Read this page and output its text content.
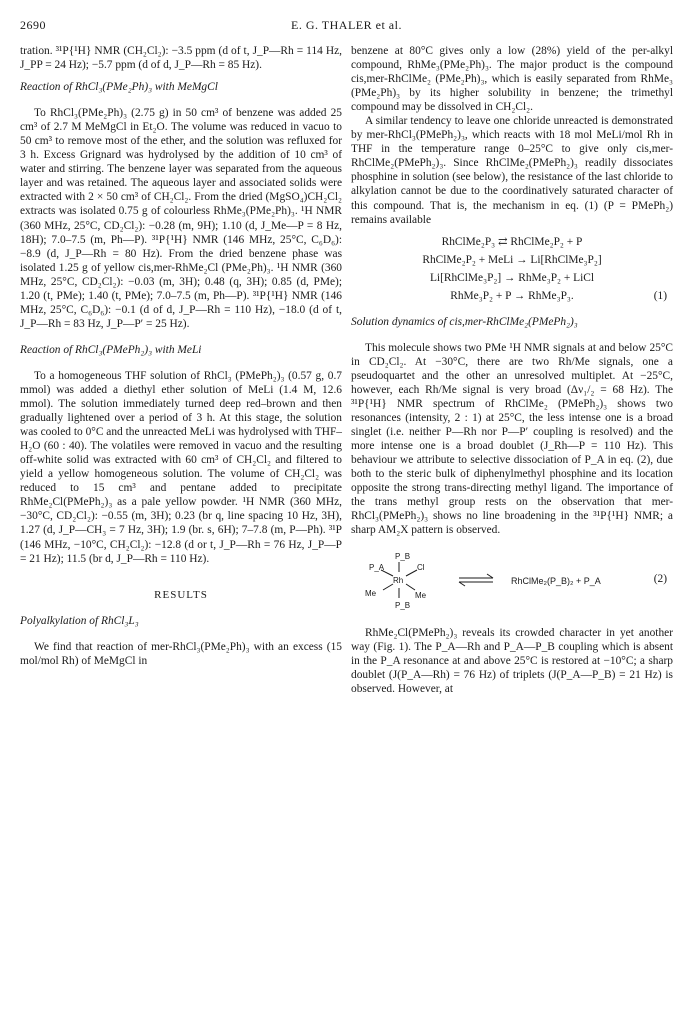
2690	E. G. THALER et al.

tration. ³¹P{¹H} NMR (CH₂Cl₂): −3.5 ppm (d of t, J_P—Rh = 114 Hz, J_PP = 24 Hz); −5.7 ppm (d of d, J_P—Rh = 85 Hz).

Reaction of RhCl₃(PMe₂Ph)₃ with MeMgCl

To RhCl₃(PMe₂Ph)₃ (2.75 g) in 50 cm³ of benzene was added 25 cm³ of 2.7 M MeMgCl in Et₂O. The volume was reduced in vacuo to 50 cm³ to remove most of the ether, and the solution was refluxed for 3 h. Excess Grignard was hydrolysed by the addition of 10 cm³ of water and stirring. The benzene layer was separated from the aqueous layer and was retained. The aqueous layer and associated solids were extracted with 2 × 50 cm³ of CH₂Cl₂. From the dried (MgSO₄)CH₂Cl₂ extracts was isolated 0.75 g of colourless RhMe₃(PMe₂Ph)₃. ¹H NMR (360 MHz, 25°C, CD₂Cl₂): −0.28 (m, 9H); 1.10 (d, J_Me—P = 8 Hz, 18H); 7.0–7.5 (m, Ph—P). ³¹P{¹H} NMR (146 MHz, 25°C, C₆D₆): −8.9 (d, J_P—Rh = 80 Hz). From the dried benzene phase was isolated 1.25 g of yellow cis,mer-RhMe₂Cl (PMe₂Ph)₃. ¹H NMR (360 MHz, 25°C, CD₂Cl₂): −0.03 (m, 3H); 0.48 (q, 3H); 0.85 (d, PMe); 1.20 (t, PMe); 1.40 (t, PMe); 7.0–7.5 (m, Ph—P). ³¹P{¹H} NMR (146 MHz, 25°C, C₆D₆): −0.1 (d of d, J_P—Rh = 110 Hz), −18.0 (d of t, J_P—Rh = 83 Hz, J_P—P′ = 25 Hz).

Reaction of RhCl₃(PMePh₂)₃ with MeLi

To a homogeneous THF solution of RhCl₃ (PMePh₂)₃ (0.57 g, 0.7 mmol) was added a diethyl ether solution of MeLi (1.4 M, 12.6 mmol). The solution immediately turned deep red–brown and then gradually lightened over a period of 3 h. At this stage, the solution was cooled to 0°C and the unreacted MeLi was hydrolysed with THF–H₂O (60 : 40). The volatiles were removed in vacuo and the resulting off-white solid was extracted with 60 cm³ of CH₂Cl₂ and filtered to yield a yellow homogeneous solution. The volume of CH₂Cl₂ was reduced to 15 cm³ and pentane added to precipitate RhMe₂Cl(PMePh₂)₃ as a pale yellow powder. ¹H NMR (360 MHz, −30°C, CD₂Cl₂): −0.55 (m, 3H); 0.23 (br q, line spacing 10 Hz, 3H), 1.27 (d, J_P—CH₃ = 7 Hz, 3H); 1.9 (br. s, 6H); 7–7.8 (m, P—Ph). ³¹P (146 MHz, −10°C, CH₂Cl₂): −12.8 (d or t, J_P—Rh = 76 Hz, J_P—P = 21 Hz); 11.5 (br d, J_P—Rh = 110 Hz).

RESULTS

Polyalkylation of RhCl₃L₃

We find that reaction of mer-RhCl₃(PMe₂Ph)₃ with an excess (15 mol/mol Rh) of MeMgCl in

benzene at 80°C gives only a low (28%) yield of the per-alkyl compound, RhMe₃(PMe₂Ph)₃. The major product is the compound cis,mer-RhClMe₂ (PMe₂Ph)₃, which is easily separated from RhMe₃ (PMe₂Ph)₃ by its higher solubility in benzene; the trimethyl compound may be dissolved in CH₂Cl₂.

A similar tendency to leave one chloride unreacted is demonstrated by mer-RhCl₃(PMePh₂)₃, which reacts with 18 mol MeLi/mol Rh in THF in the temperature range 0–25°C to give only cis,mer-RhClMe₂(PMePh₂)₃. Since RhClMe₂(PMePh₂)₃ readily dissociates phosphine in solution (see below), the resistance of the last chloride to alkylation cannot be due to the coordinatively saturated character of this compound. That is, the mechanism in eq. (1) (P = PMePh₂) remains available

RhClMe₂P₃ ⇄ RhClMe₂P₂ + P
RhClMe₂P₂ + MeLi → Li[RhClMe₃P₂]
Li[RhClMe₃P₂] → RhMe₃P₂ + LiCl
RhMe₃P₂ + P → RhMe₃P₃.	(1)

Solution dynamics of cis,mer-RhClMe₂(PMePh₂)₃

This molecule shows two PMe ¹H NMR signals at and below 25°C in CD₂Cl₂. At −30°C, there are two Rh/Me signals, one a pseudoquartet and the other an unresolved multiplet. At −25°C, however, each Rh/Me signal is very broad (Δν₁/₂ = 68 Hz). The ³¹P{¹H} NMR spectrum of RhClMe₂ (PMePh₂)₃ shows two resonances (intensity, 2 : 1) at 25°C, the less intense one is a broad singlet (i.e. neither P—Rh nor P—P′ coupling is resolved) and the more intense one is a broad doublet (J_Rh—P = 110 Hz). This behaviour we attribute to selective dissociation of P_A in eq. (2), due both to the steric bulk of diphenylmethyl phosphine and its location opposite the strong trans-directing methyl ligand. The importance of the trans methyl group rests on the observation that mer-RhCl₃(PMePh₂)₃ shows no line broadening in the ³¹P{¹H} NMR; a sharp AM₂X pattern is observed.

P_B
P_A
Rh
Cl
Me	Me
P_B
RhClMe₂(P_B)₂ + P_A	(2)

RhMe₂Cl(PMePh₂)₃ reveals its crowded character in yet another way (Fig. 1). The P_A—Rh and P_A—P_B coupling which is absent in the P_A resonance at and above 25°C is restored at −10°C; a sharp doublet (J(P_A—Rh) = 76 Hz) of triplets (J(P_A—P_B) = 21 Hz) is observed. However, at
